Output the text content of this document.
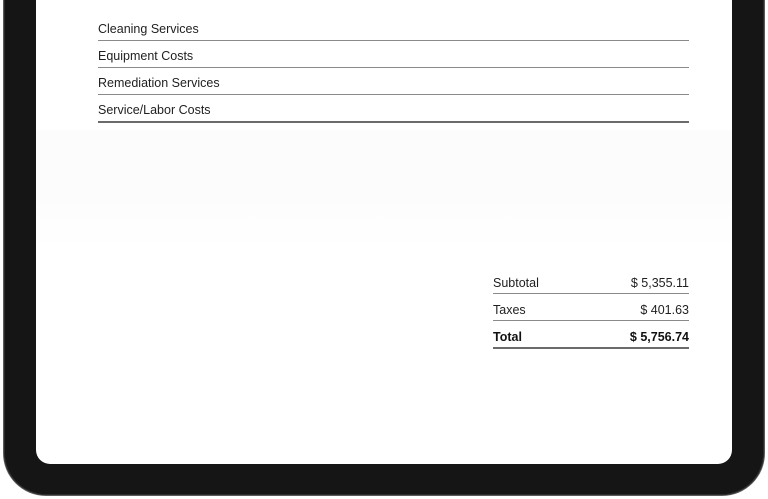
Cleaning Services
Equipment Costs
Remediation Services
Service/Labor Costs
Subtotal	$ 5,355.11
Taxes	$ 401.63
Total	$ 5,756.74
